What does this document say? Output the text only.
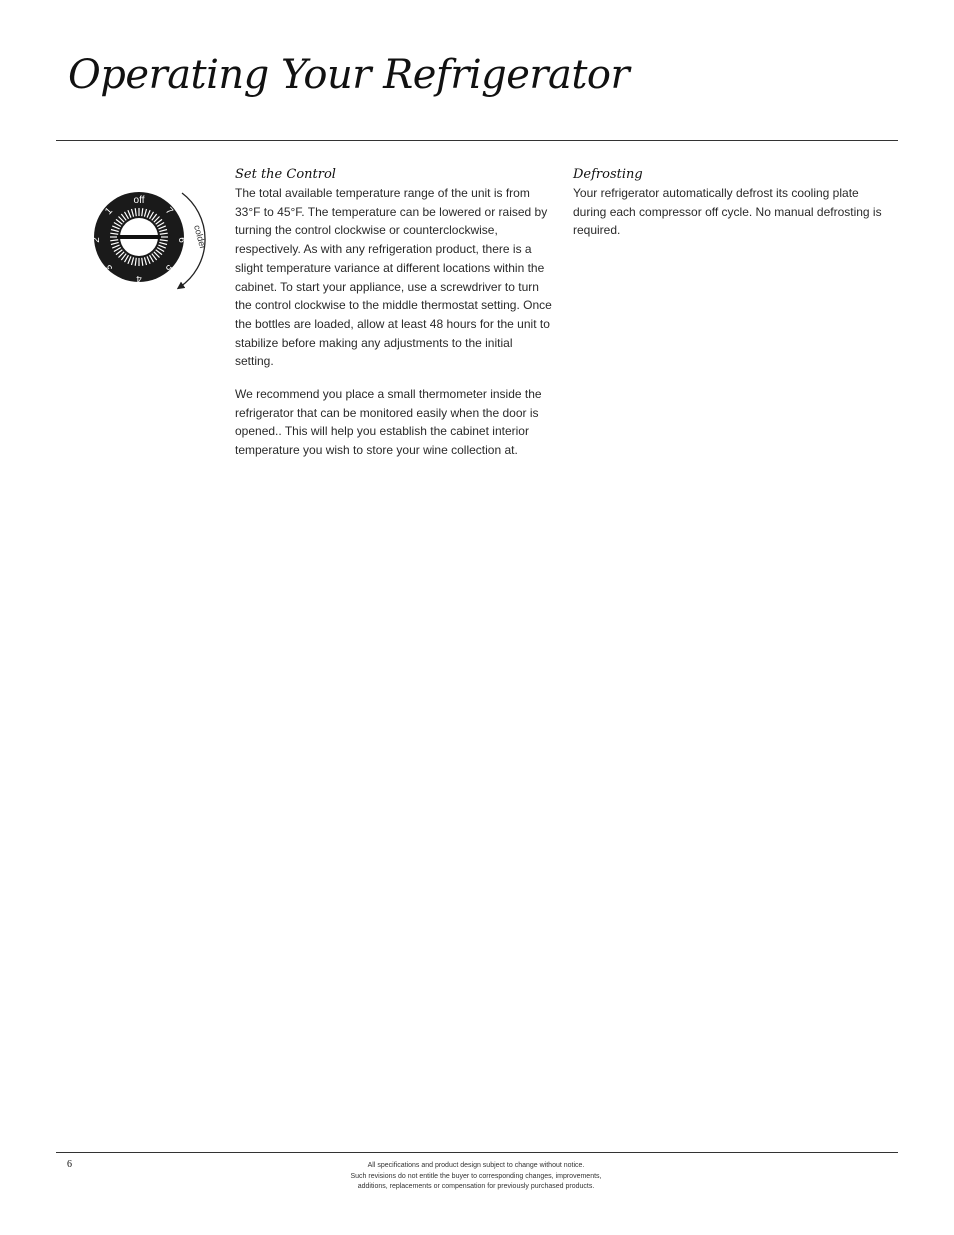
Operating Your Refrigerator
off
1
2
3
4
5
6
7
colder
Set the Control

The total available temperature range of the unit is from 33°F to 45°F. The temperature can be lowered or raised by turning the control clockwise or counterclockwise, respectively. As with any refrigeration product, there is a slight temperature variance at different locations within the cabinet. To start your appliance, use a screwdriver to turn the control clockwise to the middle thermostat setting. Once the bottles are loaded, allow at least 48 hours for the unit to stabilize before making any adjustments to the initial setting.

We recommend you place a small thermometer inside the refrigerator that can be monitored easily when the door is opened.. This will help you establish the cabinet interior temperature you wish to store your wine collection at.

Defrosting

Your refrigerator automatically defrost its cooling plate during each compressor off cycle. No manual defrosting is required.

6	All specifications and product design subject to change without notice.
Such revisions do not entitle the buyer to corresponding changes, improvements,
additions, replacements or compensation for previously purchased products.
